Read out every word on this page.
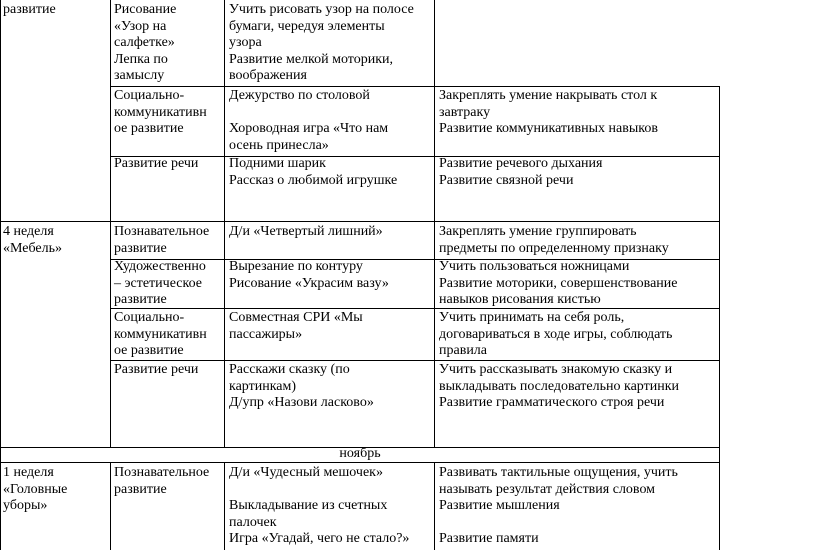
развитие	Рисование
«Узор на
салфетке»
Лепка по
замыслу
Учить рисовать узор на полосе
бумаги, чередуя элементы
узора
Развитие мелкой моторики,
воображения
Социально-
коммуникативн
ое развитие
Дежурство по столовой

Хороводная игра «Что нам
осень принесла»
Закреплять умение накрывать стол к
завтраку
Развитие коммуникативных навыков
Развитие речи Подними шарик
Рассказ о любимой игрушке
Развитие речевого дыхания
Развитие связной речи
4 неделя
«Мебель»
Познавательное
развитие
Д/и «Четвертый лишний»	Закреплять умение группировать
предметы по определенному признаку
Художественно
– эстетическое
развитие
Вырезание по контуру
Рисование «Украсим вазу»
Учить пользоваться ножницами
Развитие моторики, совершенствование
навыков рисования кистью
Социально-
коммуникативн
ое развитие
Совместная СРИ «Мы
пассажиры»
Учить принимать на себя роль,
договариваться в ходе игры, соблюдать
правила
Развитие речи Расскажи сказку (по
картинкам)
Д/упр «Назови ласково»
Учить рассказывать знакомую сказку и
выкладывать последовательно картинки
Развитие грамматического строя речи
ноябрь
1 неделя
«Головные
уборы»
Познавательное
развитие
Д/и «Чудесный мешочек»

Выкладывание из счетных
палочек
Игра «Угадай, чего не стало?»
Развивать тактильные ощущения, учить
называть результат действия словом
Развитие мышления

Развитие памяти
